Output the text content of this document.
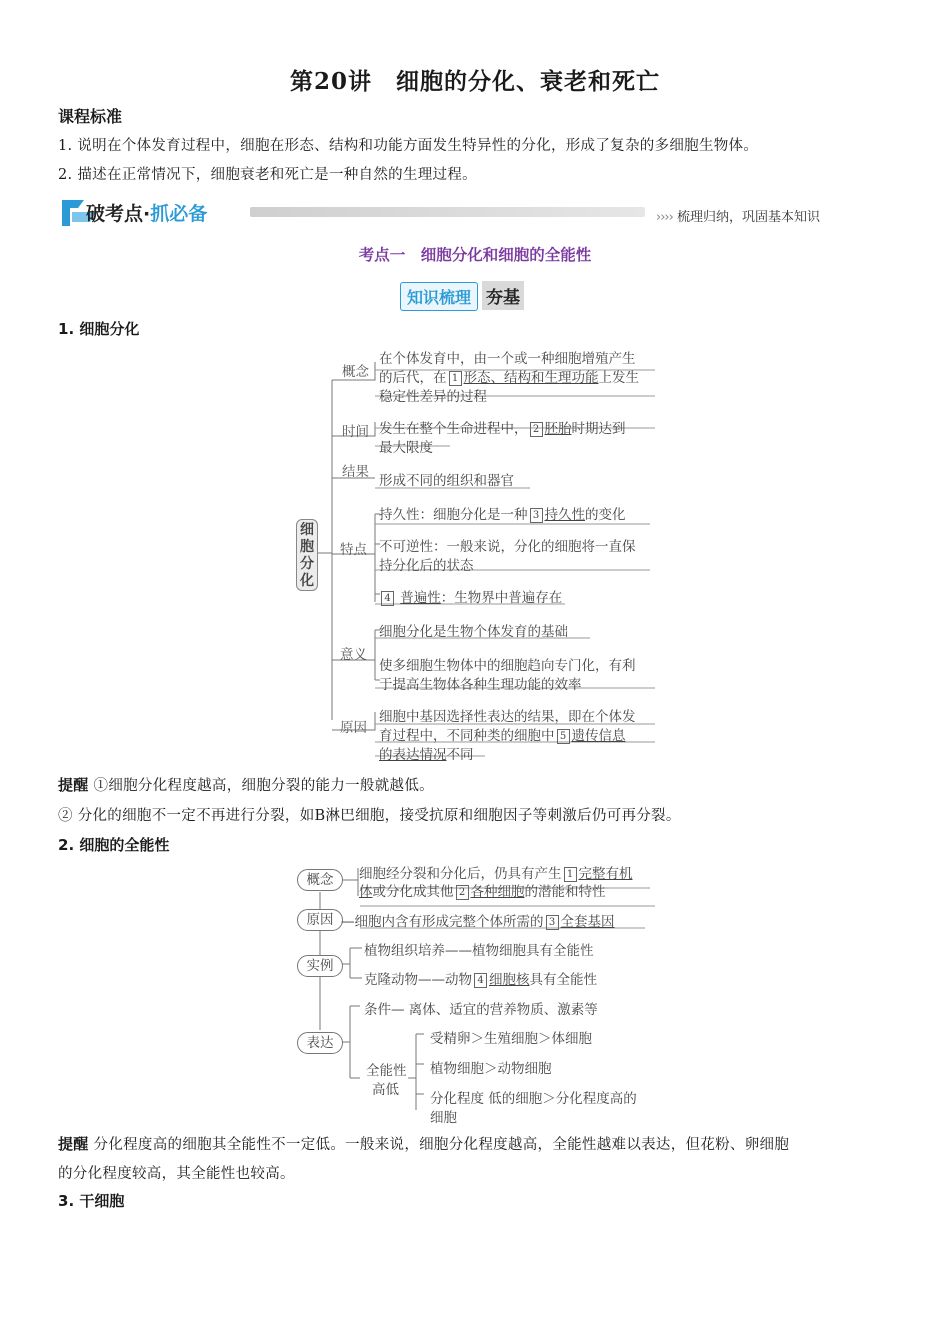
第20讲　细胞的分化、衰老和死亡
课程标准
1. 说明在个体发育过程中，细胞在形态、结构和功能方面发生特异性的分化，形成了复杂的多细胞生物体。
2. 描述在正常情况下，细胞衰老和死亡是一种自然的生理过程。
破考点·抓必备	›››› 梳理归纳，巩固基本知识
考点一　细胞分化和细胞的全能性
知识梳理 夯基
1. 细胞分化
细胞分化
概念
在个体发育中，由一个或一种细胞增殖产生
的后代，在 1 形态、结构和生理功能上发生
稳定性差异的过程
时间 发生在整个生命进程中， 2 胚胎时期达到
最大限度
结果
形成不同的组织和器官
特点
持久性：细胞分化是一种 3 持久性的变化
不可逆性：一般来说，分化的细胞将一直保
持分化后的状态
4 普遍性：生物界中普遍存在
意义
细胞分化是生物个体发育的基础
使多细胞生物体中的细胞趋向专门化，有利
于提高生物体各种生理功能的效率
原因
细胞中基因选择性表达的结果，即在个体发
育过程中，不同种类的细胞中 5 遗传信息
的表达情况不同
提醒 ①细胞分化程度越高，细胞分裂的能力一般就越低。
② 分化的细胞不一定不再进行分裂，如B淋巴细胞，接受抗原和细胞因子等刺激后仍可再分裂。
2. 细胞的全能性
概念	细胞经分裂和分化后，仍具有产生 1 完整有机
体或分化成其他 2 各种细胞的潜能和特性
原因 —细胞内含有形成完整个体所需的 3 全套基因
实例
植物组织培养——植物细胞具有全能性
克隆动物——动物 4 细胞核具有全能性
表达
条件— 离体、适宜的营养物质、激素等
全能性
高低
受精卵＞生殖细胞＞体细胞
植物细胞＞动物细胞
分化程度 低的细胞＞分化程度高的
细胞
提醒 分化程度高的细胞其全能性不一定低。一般来说，细胞分化程度越高，全能性越难以表达，但花粉、卵细胞
的分化程度较高，其全能性也较高。
3. 干细胞
